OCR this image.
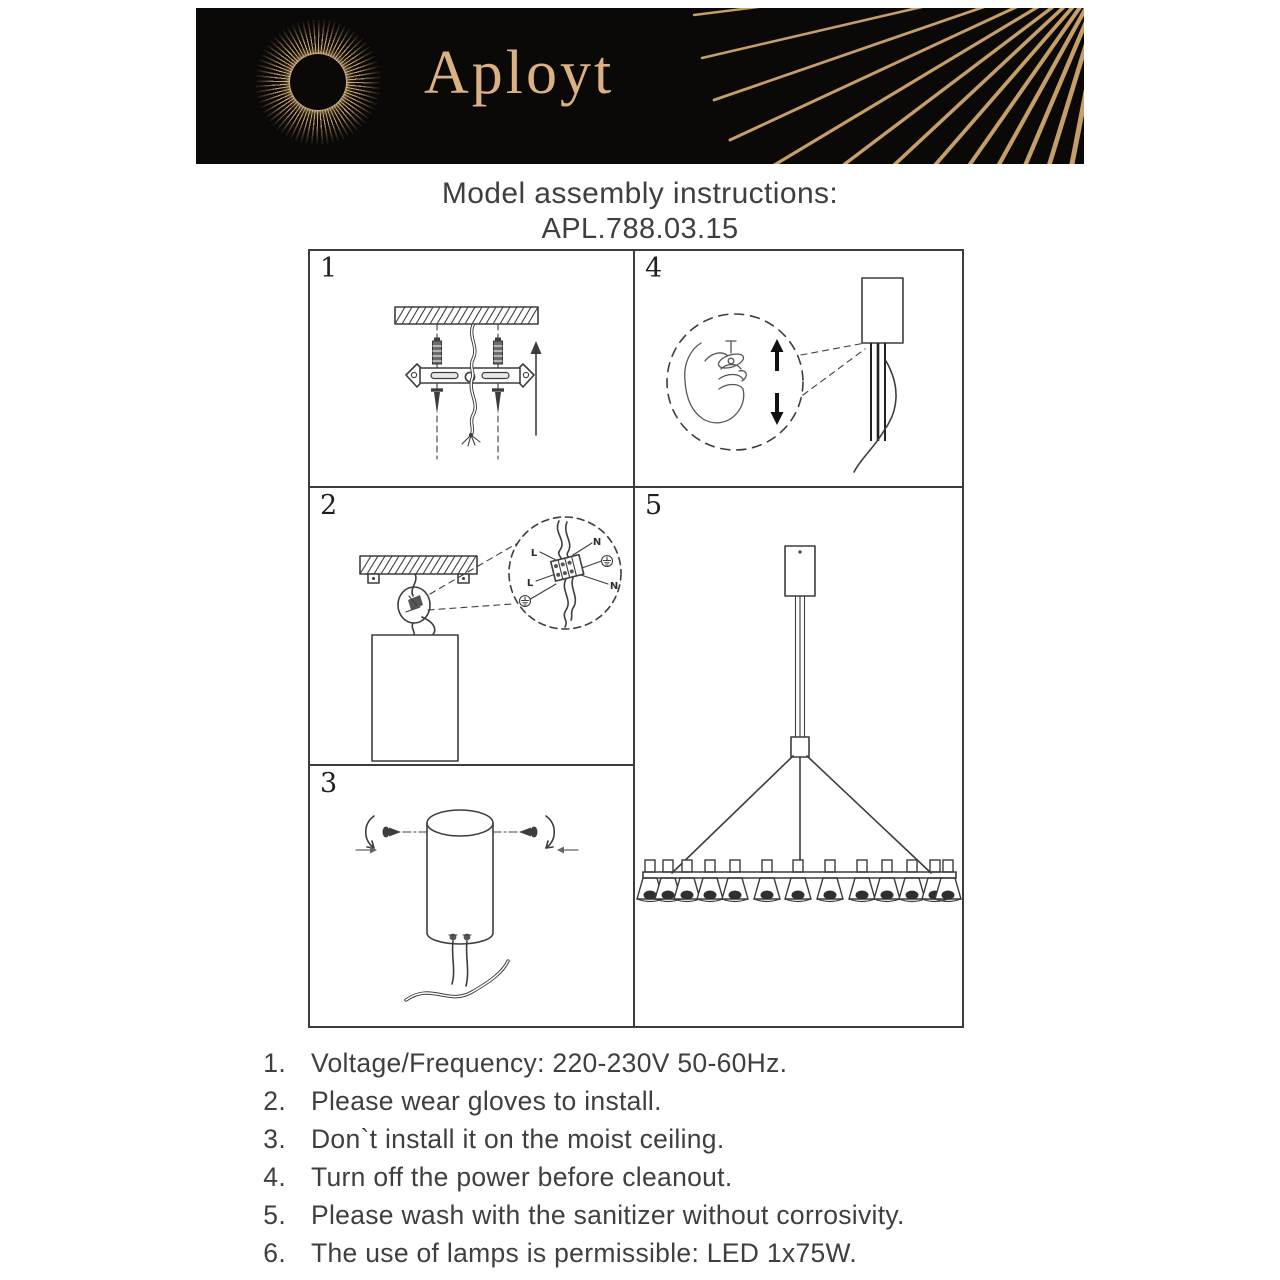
Aployt
Model assembly instructions:
APL.788.03.15
1
2
N
L
L	N
3
4
5
1. Voltage/Frequency: 220-230V 50-60Hz.
2. Please wear gloves to install.
3. Don`t install it on the moist ceiling.
4. Turn off the power before cleanout.
5. Please wash with the sanitizer without corrosivity.
6. The use of lamps is permissible: LED 1x75W.
